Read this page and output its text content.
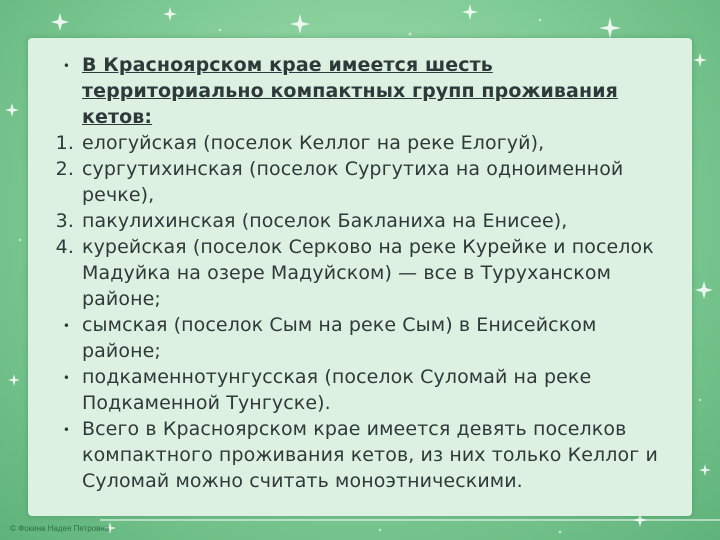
• В Красноярском крае имеется шесть территориально компактных групп проживания кетов:
1. елогуйская (поселок Келлог на реке Елогуй),
2. сургутихинская (поселок Сургутиха на одноименной речке),
3. пакулихинская (поселок Бакланиха на Енисее),
4. курейская (поселок Серково на реке Курейке и поселок Мадуйка на озере Мадуйском) — все в Туруханском районе;
• сымская (поселок Сым на реке Сым) в Енисейском районе;
• подкаменнотунгусская (поселок Суломай на реке Подкаменной Тунгуске).
• Всего в Красноярском крае имеется девять поселков компактного проживания кетов, из них только Келлог и Суломай можно считать моноэтническими.
© Фокина Надея Петровна
